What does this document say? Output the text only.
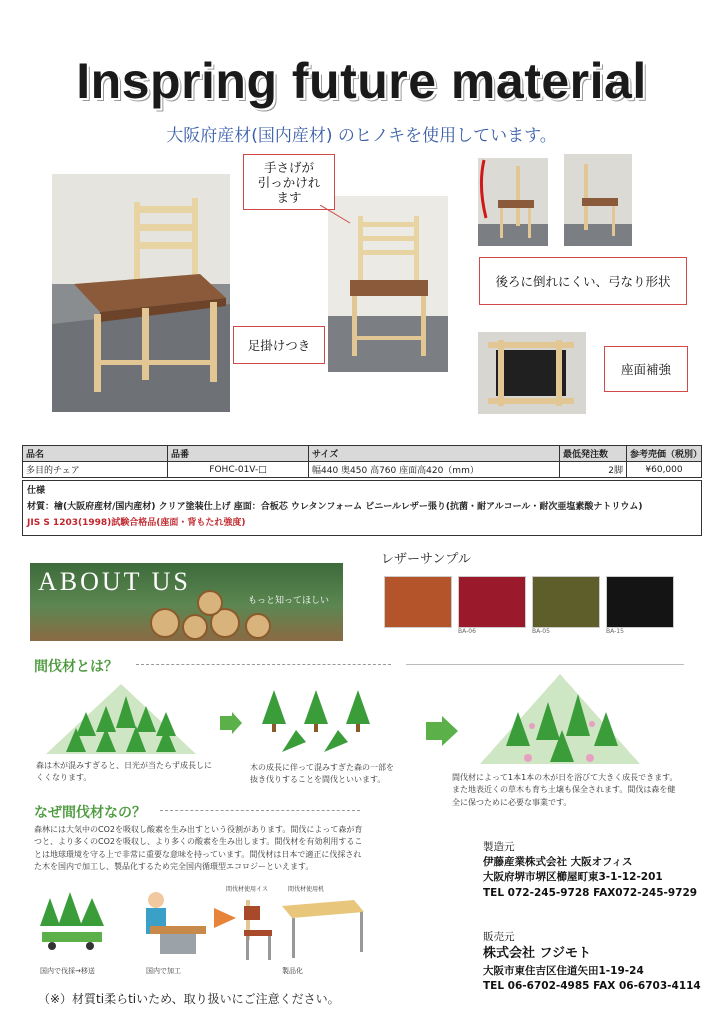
Inspring future material
大阪府産材(国内産材) のヒノキを使用しています。
手さげが
引っかけれ
ます
足掛けつき
後ろに倒れにくい、弓なり形状
座面補強
品名	品番	サイズ	最低発注数	参考売価（税別）
多目的チェア	FOHC-01V-□	幅440 奥450 高760 座面高420（mm）	2脚	¥60,000
仕様
材質：檜(大阪府産材/国内産材) クリア塗装仕上げ 座面：合板芯 ウレタンフォーム ビニールレザー張り(抗菌・耐アルコール・耐次亜塩素酸ナトリウム)
JIS S 1203(1998)試験合格品(座面・背もたれ強度)
ABOUT US
もっと知ってほしい
レザーサンプル
BA-06	BA-05	BA-15
間伐材とは？
森は木が混みすぎると、日光が当たらず成長しにくくなります。
木の成長に伴って混みすぎた森の一部を抜き伐りすることを間伐といいます。	間伐材によって1本1本の木が日を浴びて大きく成長できます。また地表近くの草木も育ち土壌も保全されます。間伐は森を健全に保つために必要な事業です。
なぜ間伐材なの？
森林には大気中のCO2を吸収し酸素を生み出すという役割があります。間伐によって森が育つと、より多くのCO2を吸収し、より多くの酸素を生み出します。間伐材を有効利用することは地球環境を守る上で非常に重要な意味を持っています。間伐材は日本で適正に伐採された木を国内で加工し、製品化するため完全国内循環型エコロジーといえます。
国内で伐採→移送	国内で加工
間伐材使用イス	間伐材使用机
製品化
製造元
伊藤産業株式会社 大阪オフィス
大阪府堺市堺区櫛屋町東3-1-12-201
TEL 072-245-9728 FAX072-245-9729
販売元
株式会社 フジモト
大阪市東住吉区住道矢田1-19-24
TEL 06-6702-4985 FAX 06-6703-4114
（※）材質ti柔らtiいため、取り扱いにご注意ください。
